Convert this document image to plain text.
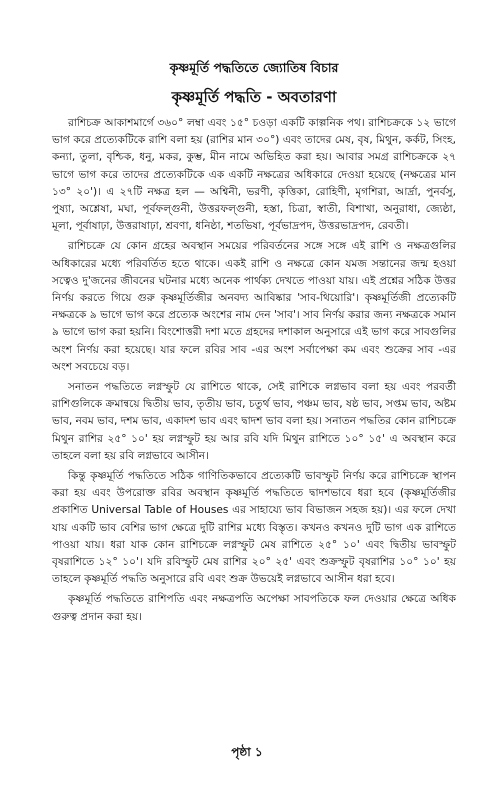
কৃষ্ণমূর্তি পদ্ধতিতে জ্যোতিষ বিচার
কৃষ্ণমূর্তি পদ্ধতি - অবতারণা

রাশিচক্র আকাশমার্গে ৩৬০° লম্বা এবং ১৫° চওড়া একটি কাল্পনিক পথ। রাশিচক্রকে ১২ ভাগে ভাগ করে প্রত্যেকটিকে রাশি বলা হয় (রাশির মান ৩০°) এবং তাদের মেষ, বৃষ, মিথুন, কর্কট, সিংহ, কন্যা, তুলা, বৃশ্চিক, ধনু, মকর, কুম্ভ, মীন নামে অভিহিত করা হয়। আবার সমগ্র রাশিচক্রকে ২৭ ভাগে ভাগ করে তাদের প্রত্যেকটিকে এক একটি নক্ষত্রের অধিকারে দেওয়া হয়েছে (নক্ষত্রের মান ১৩° ২০')। এ ২৭টি নক্ষত্র হল — অশ্বিনী, ভরণী, কৃত্তিকা, রোহিণী, মৃগশিরা, আর্দ্রা, পুনর্বসু, পুষ্যা, অশ্লেষা, মঘা, পূর্বফল্গুনী, উত্তরফল্গুনী, হস্তা, চিত্রা, স্বাতী, বিশাখা, অনুরাধা, জ্যেষ্ঠা, মূলা, পূর্বাষাঢ়া, উত্তরাষাঢ়া, শ্রবণা, ধনিষ্ঠা, শতভিষা, পূর্বভাদ্রপদ, উত্তরভাদ্রপদ, রেবতী।

রাশিচক্রে যে কোন গ্রহের অবস্থান সময়ের পরিবর্তনের সঙ্গে সঙ্গে এই রাশি ও নক্ষত্রগুলির অধিকারের মধ্যে পরিবর্তিত হতে থাকে। একই রাশি ও নক্ষত্রে কোন যমজ সন্তানের জন্ম হওয়া সত্বেও দু'জনের জীবনের ঘটনার মধ্যে অনেক পার্থক্য দেখতে পাওয়া যায়। এই প্রশ্নের সঠিক উত্তর নির্ণয় করতে গিয়ে গুরু কৃষ্ণমূর্তিজীর অনবদ্য আবিষ্কার 'সাব-থিয়োরি'। কৃষ্ণমূর্তিজী প্রত্যেকটি নক্ষত্রকে ৯ ভাগে ভাগ করে প্রত্যেক অংশের নাম দেন 'সাব'। সাব নির্ণয় করার জন্য নক্ষত্রকে সমান ৯ ভাগে ভাগ করা হয়নি। বিংশোত্তরী দশা মতে গ্রহদের দশাকাল অনুসারে এই ভাগ করে সাবগুলির অংশ নির্ণয় করা হয়েছে। যার ফলে রবির সাব -এর অংশ সর্বাপেক্ষা কম এবং শুক্রের সাব -এর অংশ সবচেয়ে বড়।

সনাতন পদ্ধতিতে লগ্নস্ফুট যে রাশিতে থাকে, সেই রাশিকে লগ্নভাব বলা হয় এবং পরবর্তী রাশিগুলিকে ক্রমান্বয়ে দ্বিতীয় ভাব, তৃতীয় ভাব, চতুর্থ ভাব, পঞ্চম ভাব, ষষ্ঠ ভাব, সপ্তম ভাব, অষ্টম ভাব, নবম ভাব, দশম ভাব, একাদশ ভাব এবং দ্বাদশ ভাব বলা হয়। সনাতন পদ্ধতির কোন রাশিচক্রে মিথুন রাশির ২৫° ১০' হয় লগ্নস্ফুট হয় আর রবি যদি মিথুন রাশিতে ১০° ১৫' এ অবস্থান করে তাহলে বলা হয় রবি লগ্নভাবে আসীন।

কিন্তু কৃষ্ণমূর্তি পদ্ধতিতে সঠিক গাণিতিকভাবে প্রত্যেকটি ভাবস্ফুট নির্ণয় করে রাশিচক্রে স্থাপন করা হয় এবং উপরোক্ত রবির অবস্থান কৃষ্ণমূর্তি পদ্ধতিতে দ্বাদশভাবে ধরা হবে (কৃষ্ণমূর্তিজীর প্রকাশিত Universal Table of Houses এর সাহায্যে ভাব বিভাজন সহজ হয়)। এর ফলে দেখা যায় একটি ভাব বেশির ভাগ ক্ষেত্রে দুটি রাশির মধ্যে বিস্তৃত। কখনও কখনও দুটি ভাগ এক রাশিতে পাওয়া যায়। ধরা যাক কোন রাশিচক্রে লগ্নস্ফুট মেষ রাশিতে ২৫° ১০' এবং দ্বিতীয় ভাবস্ফুট বৃষরাশিতে ১২° ১০'। যদি রবিস্ফুট মেষ রাশির ২০° ২৫' এবং শুক্রস্ফুট বৃষরাশির ১০° ১০' হয় তাহলে কৃষ্ণমূর্তি পদ্ধতি অনুসারে রবি এবং শুক্র উভয়েই লগ্নভাবে আসীন ধরা হবে।

কৃষ্ণমূর্তি পদ্ধতিতে রাশিপতি এবং নক্ষত্রপতি অপেক্ষা সাবপতিকে ফল দেওয়ার ক্ষেত্রে অধিক গুরুত্ব প্রদান করা হয়।

পৃষ্ঠা ১
